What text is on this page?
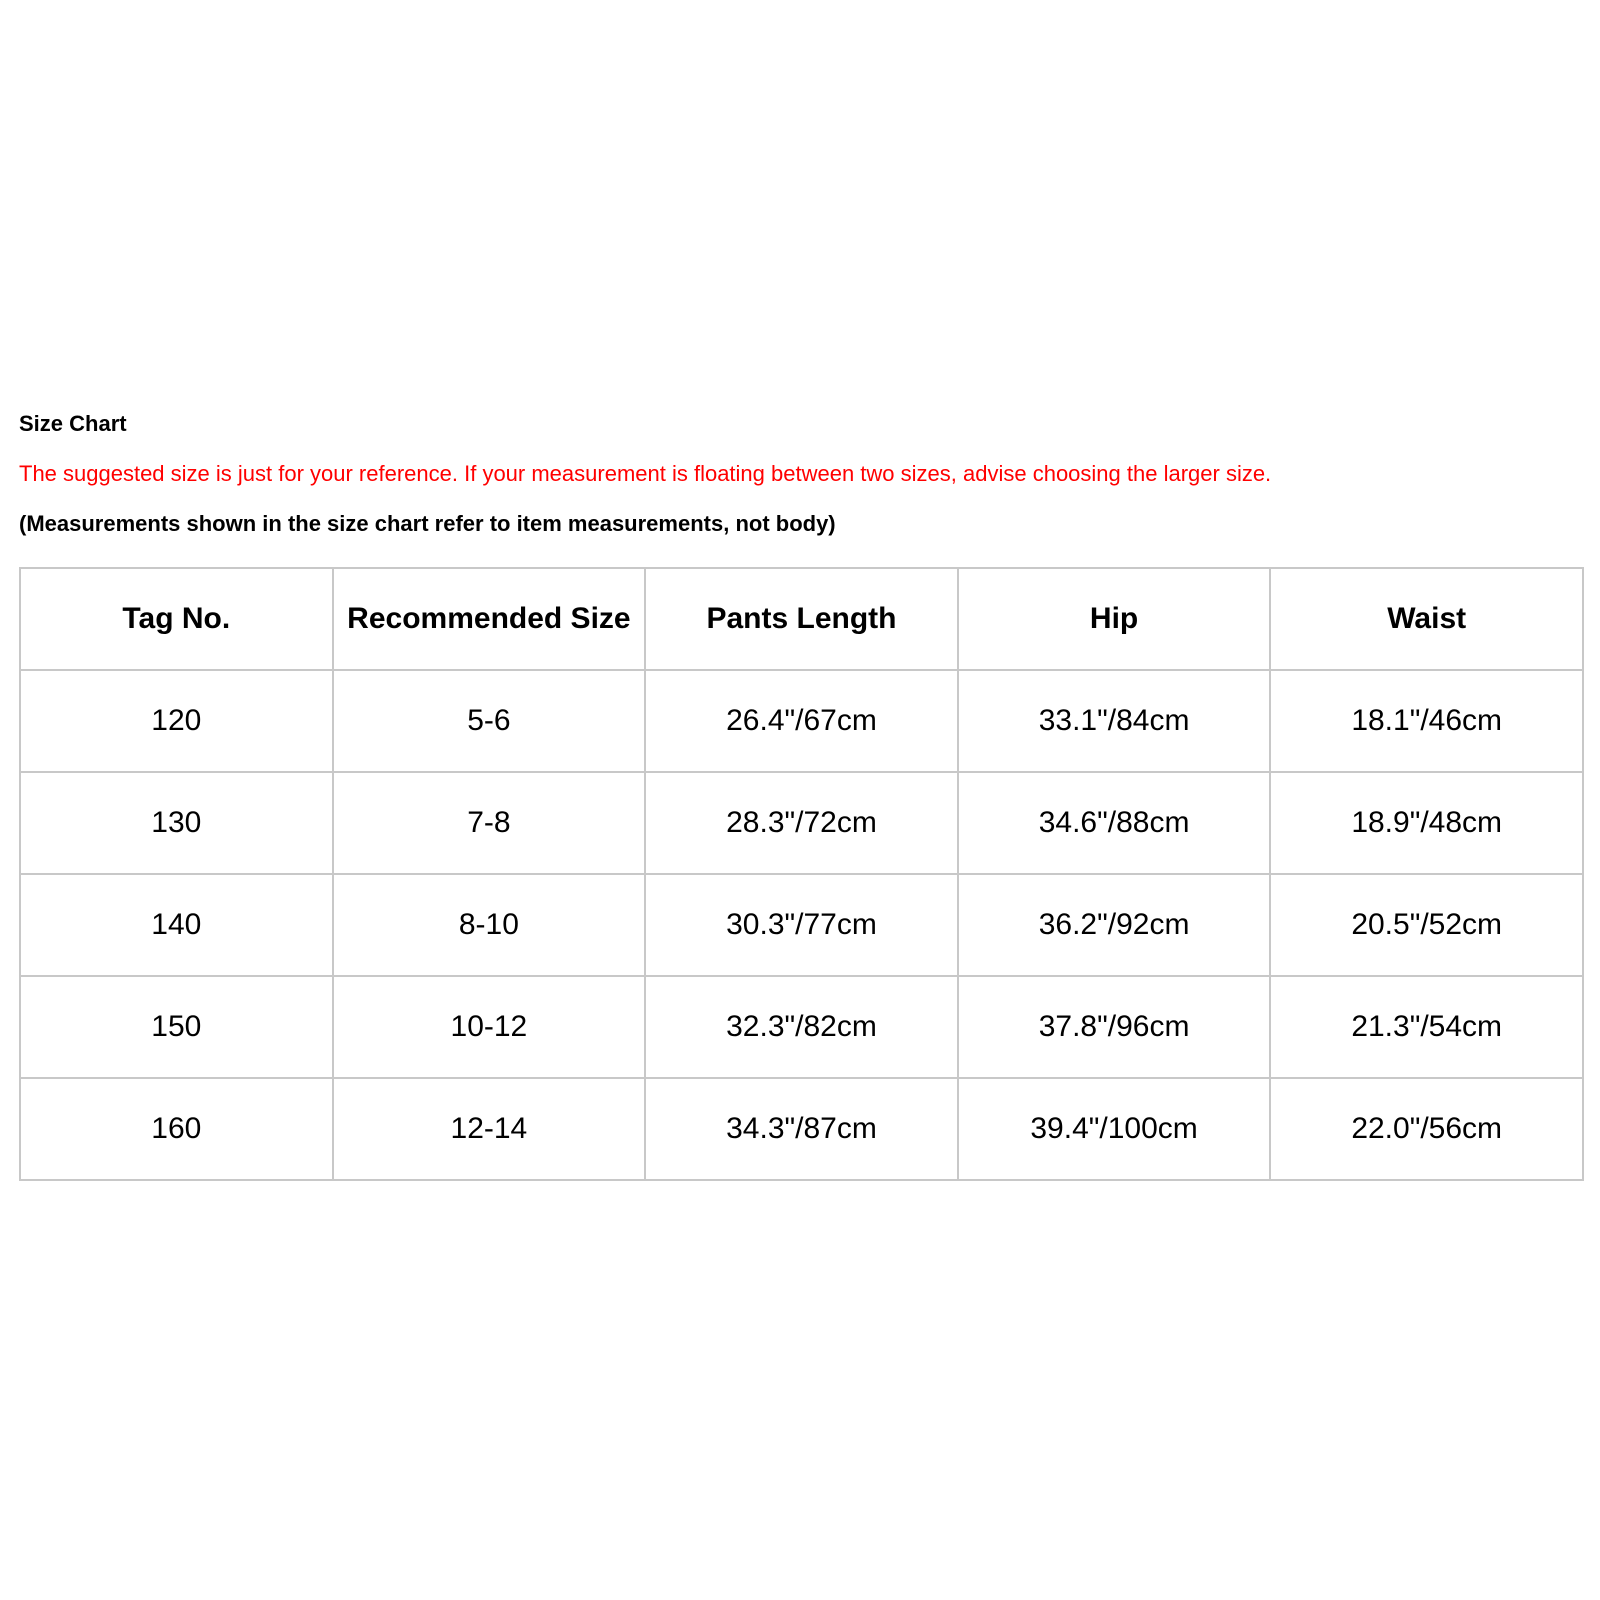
Size Chart
The suggested size is just for your reference. If your measurement is floating between two sizes, advise choosing the larger size.
(Measurements shown in the size chart refer to item measurements, not body)
Tag No.	Recommended Size	Pants Length	Hip	Waist
120	5-6	26.4"/67cm	33.1"/84cm	18.1"/46cm
130	7-8	28.3"/72cm	34.6"/88cm	18.9"/48cm
140	8-10	30.3"/77cm	36.2"/92cm	20.5"/52cm
150	10-12	32.3"/82cm	37.8"/96cm	21.3"/54cm
160	12-14	34.3"/87cm	39.4"/100cm	22.0"/56cm
